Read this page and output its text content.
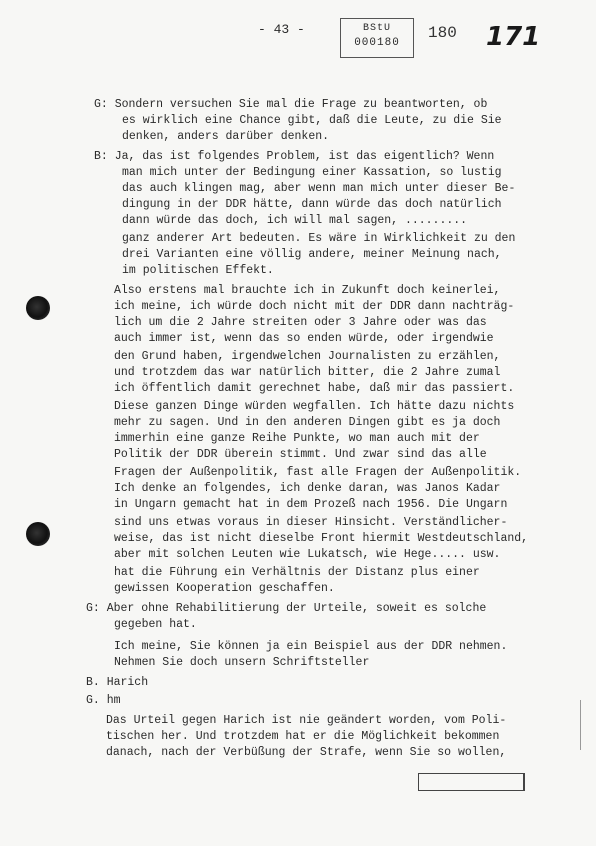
- 43 -	BStU
000180
180 171
G: Sondern versuchen Sie mal die Frage zu beantworten, ob
es wirklich eine Chance gibt, daß die Leute, zu die Sie
denken, anders darüber denken.
B: Ja, das ist folgendes Problem, ist das eigentlich? Wenn
man mich unter der Bedingung einer Kassation, so lustig
das auch klingen mag, aber wenn man mich unter dieser Be-
dingung in der DDR hätte, dann würde das doch natürlich
dann würde das doch, ich will mal sagen, .........
ganz anderer Art bedeuten. Es wäre in Wirklichkeit zu den
drei Varianten eine völlig andere, meiner Meinung nach,
im politischen Effekt.
Also erstens mal brauchte ich in Zukunft doch keinerlei,
ich meine, ich würde doch nicht mit der DDR dann nachträg-
lich um die 2 Jahre streiten oder 3 Jahre oder was das
auch immer ist, wenn das so enden würde, oder irgendwie
den Grund haben, irgendwelchen Journalisten zu erzählen,
und trotzdem das war natürlich bitter, die 2 Jahre zumal
ich öffentlich damit gerechnet habe, daß mir das passiert.
Diese ganzen Dinge würden wegfallen. Ich hätte dazu nichts
mehr zu sagen. Und in den anderen Dingen gibt es ja doch
immerhin eine ganze Reihe Punkte, wo man auch mit der
Politik der DDR überein stimmt. Und zwar sind das alle
Fragen der Außenpolitik, fast alle Fragen der Außenpolitik.
Ich denke an folgendes, ich denke daran, was Janos Kadar
in Ungarn gemacht hat in dem Prozeß nach 1956. Die Ungarn
sind uns etwas voraus in dieser Hinsicht. Verständlicher-
weise, das ist nicht dieselbe Front hiermit Westdeutschland,
aber mit solchen Leuten wie Lukatsch, wie Hege..... usw.
hat die Führung ein Verhältnis der Distanz plus einer
gewissen Kooperation geschaffen.
G: Aber ohne Rehabilitierung der Urteile, soweit es solche
gegeben hat.
Ich meine, Sie können ja ein Beispiel aus der DDR nehmen.
Nehmen Sie doch unsern Schriftsteller
B. Harich
G. hm
Das Urteil gegen Harich ist nie geändert worden, vom Poli-
tischen her. Und trotzdem hat er die Möglichkeit bekommen
danach, nach der Verbüßung der Strafe, wenn Sie so wollen,
